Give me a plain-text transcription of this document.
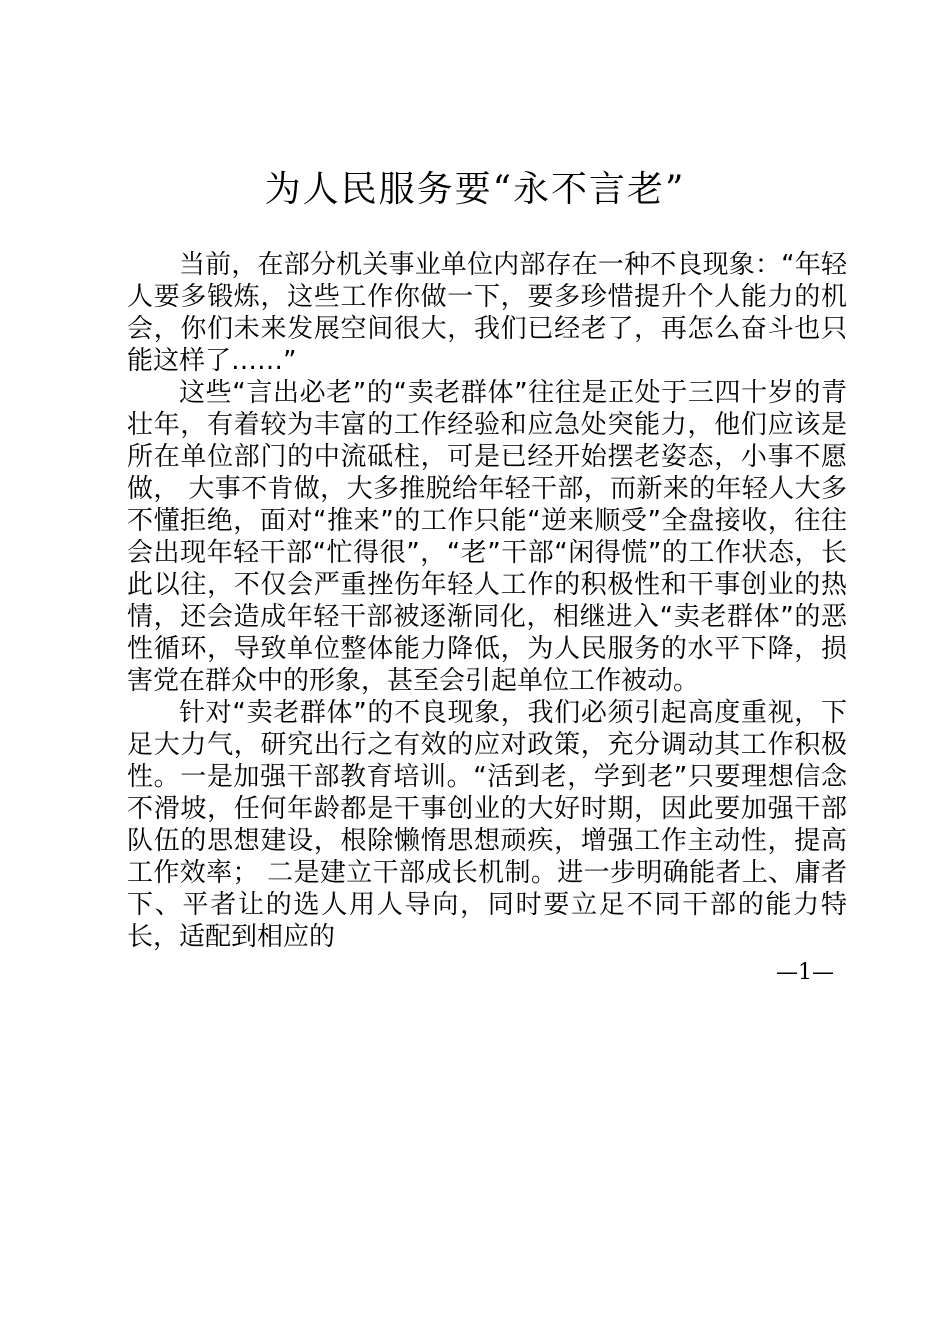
为人民服务要“永不言老”

当前，在部分机关事业单位内部存在一种不良现象：“年轻人要多锻炼，这些工作你做一下，要多珍惜提升个人能力的机会，你们未来发展空间很大，我们已经老了，再怎么奋斗也只能这样了……”

这些“言出必老”的“卖老群体”往往是正处于三四十岁的青壮年，有着较为丰富的工作经验和应急处突能力，他们应该是所在单位部门的中流砥柱，可是已经开始摆老姿态，小事不愿做， 大事不肯做，大多推脱给年轻干部，而新来的年轻人大多不懂拒绝，面对“推来”的工作只能“逆来顺受”全盘接收，往往会出现年轻干部“忙得很”，“老”干部“闲得慌”的工作状态，长此以往，不仅会严重挫伤年轻人工作的积极性和干事创业的热情，还会造成年轻干部被逐渐同化，相继进入“卖老群体”的恶性循环，导致单位整体能力降低，为人民服务的水平下降，损害党在群众中的形象，甚至会引起单位工作被动。

针对“卖老群体”的不良现象，我们必须引起高度重视，下足大力气，研究出行之有效的应对政策，充分调动其工作积极性。一是加强干部教育培训。“活到老，学到老”只要理想信念不滑坡，任何年龄都是干事创业的大好时期，因此要加强干部队伍的思想建设，根除懒惰思想顽疾，增强工作主动性，提高工作效率； 二是建立干部成长机制。进一步明确能者上、庸者下、平者让的选人用人导向，同时要立足不同干部的能力特长，适配到相应的

—1—
